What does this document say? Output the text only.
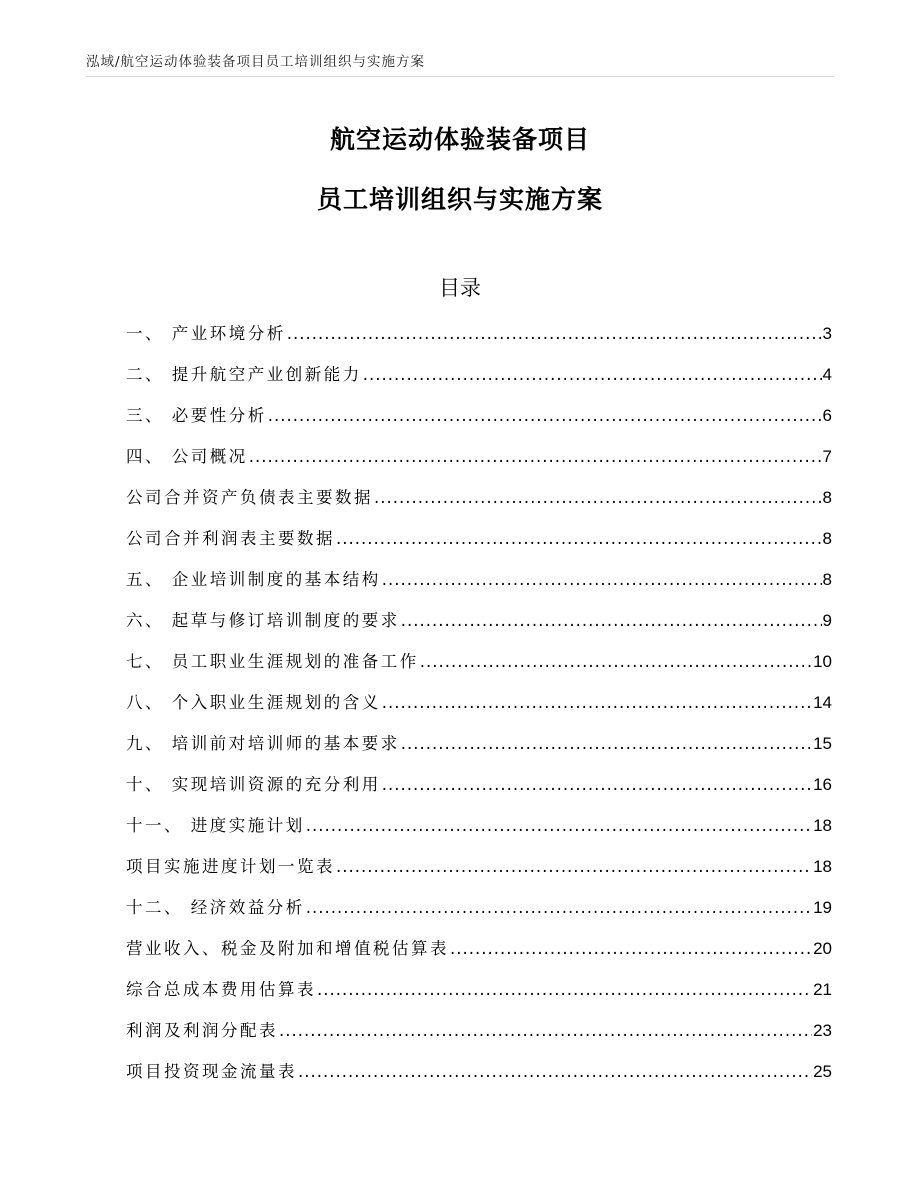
泓域/航空运动体验装备项目员工培训组织与实施方案
航空运动体验装备项目
员工培训组织与实施方案
目录
一、 产业环境分析 .....	3
二、 提升航空产业创新能力 .....	4
三、 必要性分析 .....	6
四、 公司概况 .....	7
公司合并资产负债表主要数据 .....	8
公司合并利润表主要数据 .....	8
五、 企业培训制度的基本结构 .....	8
六、 起草与修订培训制度的要求 .....	9
七、 员工职业生涯规划的准备工作 .....	10
八、 个入职业生涯规划的含义 .....	14
九、 培训前对培训师的基本要求 .....	15
十、 实现培训资源的充分利用 .....	16
十一、 进度实施计划 .....	18
项目实施进度计划一览表 .....	18
十二、 经济效益分析 .....	19
营业收入、税金及附加和增值税估算表 .....	20
综合总成本费用估算表 .....	21
利润及利润分配表 .....	23
项目投资现金流量表 .....	25
